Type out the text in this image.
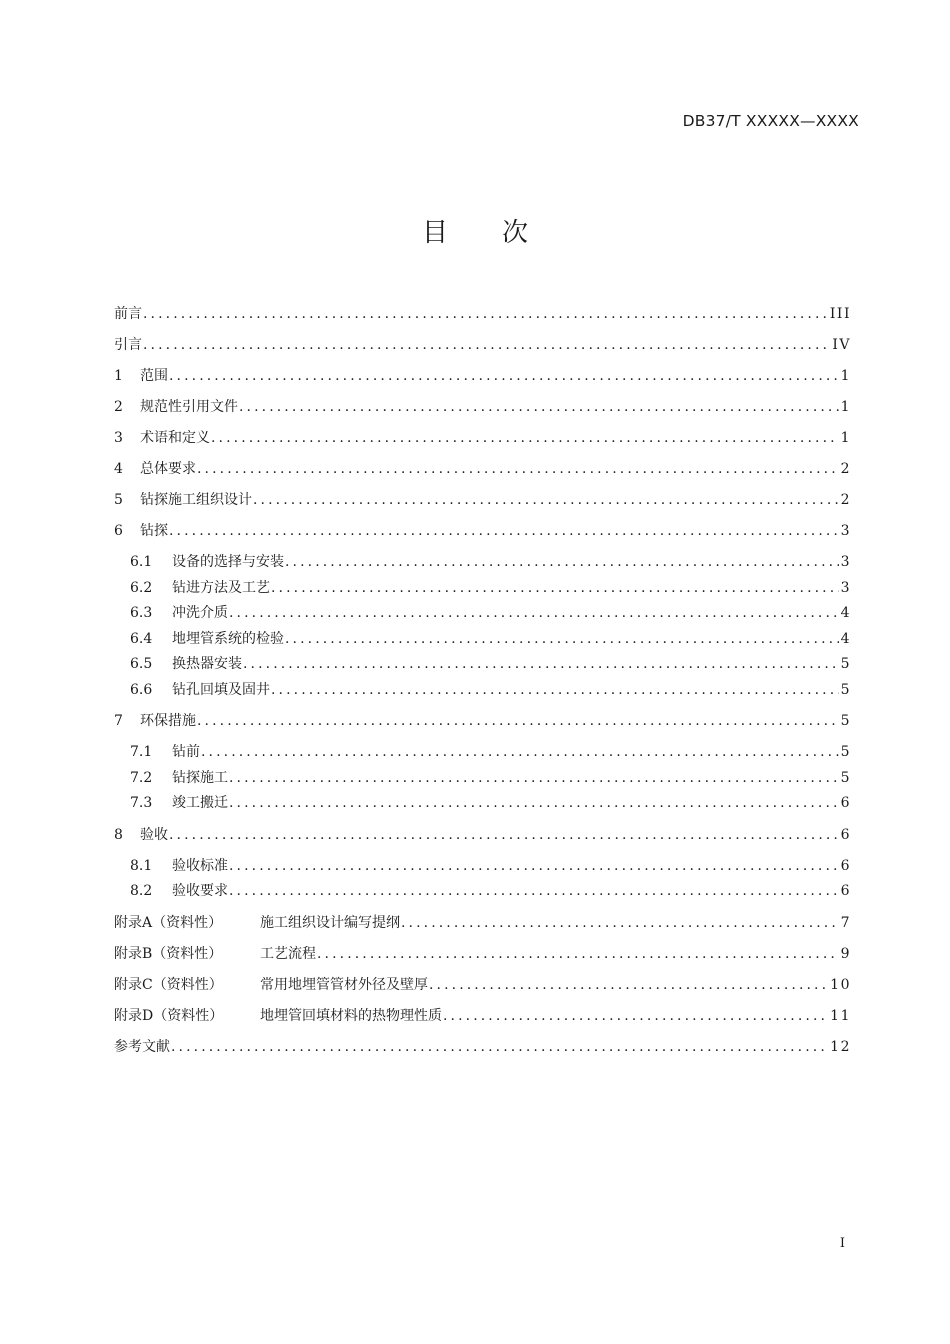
DB37/T XXXXX—XXXX
目 次
前言 .....	III
引言 .....	IV
1	范围 .....	1
2	规范性引用文件 .....	1
3	术语和定义 .....	1
4	总体要求 .....	2
5	钻探施工组织设计 .....	2
6	钻探 .....	3
6.1	设备的选择与安装 .....	3
6.2	钻进方法及工艺 .....	3
6.3	冲洗介质 .....	4
6.4	地埋管系统的检验 .....	4
6.5	换热器安装 .....	5
6.6	钻孔回填及固井 .....	5
7	环保措施 .....	5
7.1	钻前 .....	5
7.2	钻探施工 .....	5
7.3	竣工搬迁 .....	6
8	验收 .....	6
8.1	验收标准 .....	6
8.2	验收要求 .....	6
附录A（资料性）	施工组织设计编写提纲 .....	7
附录B（资料性）	工艺流程 .....	9
附录C（资料性）	常用地埋管管材外径及壁厚 .....	10
附录D（资料性）	地埋管回填材料的热物理性质 .....	11
参考文献 .....	12
I
